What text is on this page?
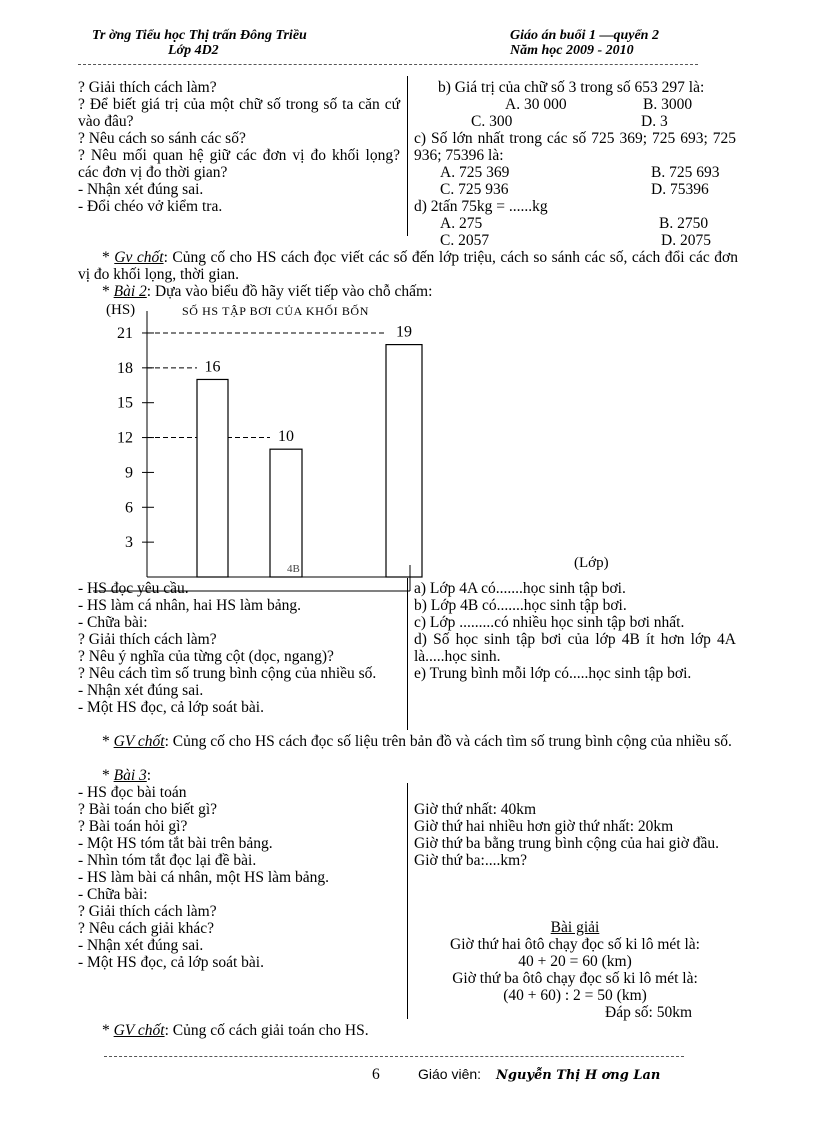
Tr ờng Tiểu học Thị trấn Đông Triều
Lớp 4D2
Giáo án buổi 1 —quyển 2
Năm học 2009 - 2010
? Giải thích cách làm?
? Để biết giá trị của một chữ số trong số ta căn cứ vào đâu?
? Nêu cách so sánh các số?
? Nêu mối quan hệ giữ các đơn vị đo khối lọng? các đơn vị đo thời gian?
- Nhận xét đúng sai.
- Đổi chéo vở kiểm tra.
b) Giá trị của chữ số 3 trong số 653 297 là:
A. 30 000	B. 3000
C. 300	D. 3
c) Số lớn nhất trong các số 725 369; 725 693; 725 936; 75396 là:
A. 725 369	B. 725 693
C. 725 936	D. 75396
d) 2tấn 75kg = ......kg
A. 275	B. 2750
C. 2057	D. 2075
* Gv chốt: Củng cố cho HS cách đọc viết các số đến lớp triệu, cách so sánh các số, cách đổi các đơn vị đo khối lọng, thời gian.
* Bài 2: Dựa vào biểu đồ hãy viết tiếp vào chỗ chấm:
(HS)	SỐ HS TẬP BƠI CỦA KHỐI BỐN
3
6
9
12
15
18
21
16
10
19
4B	(Lớp)
- HS đọc yêu cầu.
- HS làm cá nhân, hai HS làm bảng.
- Chữa bài:
? Giải thích cách làm?
? Nêu ý nghĩa của từng cột (dọc, ngang)?
? Nêu cách tìm số trung bình cộng của nhiều số.
- Nhận xét đúng sai.
- Một HS đọc, cả lớp soát bài.
a) Lớp 4A có.......học sinh tập bơi.
b) Lớp 4B có.......học sinh tập bơi.
c) Lớp .........có nhiều học sinh tập bơi nhất.
d) Số học sinh tập bơi của lớp 4B ít hơn lớp 4A là.....học sinh.
e) Trung bình mỗi lớp có.....học sinh tập bơi.
* GV chốt: Củng cố cho HS cách đọc số liệu trên bản đồ và cách tìm số trung bình cộng của nhiều số.
* Bài 3:
- HS đọc bài toán
? Bài toán cho biết gì?
? Bài toán hỏi gì?
- Một HS tóm tắt bài trên bảng.
- Nhìn tóm tắt đọc lại đề bài.
- HS làm bài cá nhân, một HS làm bảng.
- Chữa bài:
? Giải thích cách làm?
? Nêu cách giải khác?
- Nhận xét đúng sai.
- Một HS đọc, cả lớp soát bài.
Giờ thứ nhất: 40km
Giờ thứ hai nhiều hơn giờ thứ nhất: 20km
Giờ thứ ba bằng trung bình cộng của hai giờ đầu.
Giờ thứ ba:....km?
Bài giải
Giờ thứ hai ôtô chạy đọc số ki lô mét là:
40 + 20 = 60 (km)
Giờ thứ ba ôtô chạy đọc số ki lô mét là:
(40 + 60) : 2 = 50 (km)
Đáp số: 50km
* GV chốt: Củng cố cách giải toán cho HS.
6	Giáo viên: Nguyễn Thị H ơng Lan
